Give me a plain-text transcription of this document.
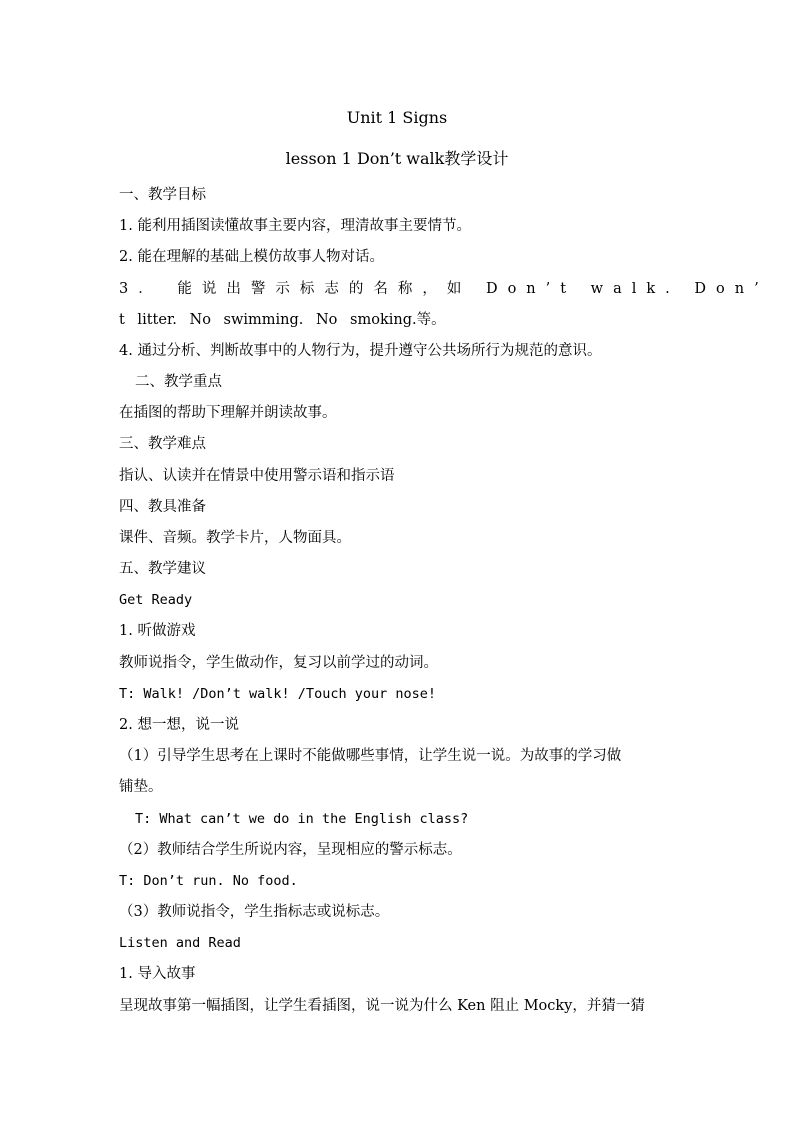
Unit 1 Signs
lesson 1 Don’t walk教学设计
一、教学目标
1. 能利用插图读懂故事主要内容，理清故事主要情节。
2. 能在理解的基础上模仿故事人物对话。
3． 能说出警示标志的名称，如 Don’t walk. Don’
t litter. No swimming. No smoking.等。
4. 通过分析、判断故事中的人物行为，提升遵守公共场所行为规范的意识。
二、教学重点
在插图的帮助下理解并朗读故事。
三、教学难点
指认、认读并在情景中使用警示语和指示语
四、教具准备
课件、音频。教学卡片，人物面具。
五、教学建议
Get Ready
1. 听做游戏
教师说指令，学生做动作，复习以前学过的动词。
T: Walk! /Don’t walk! /Touch your nose!
2. 想一想，说一说
（1）引导学生思考在上课时不能做哪些事情，让学生说一说。为故事的学习做
铺垫。
T: What can’t we do in the English class?
（2）教师结合学生所说内容，呈现相应的警示标志。
T: Don’t run. No food.
（3）教师说指令，学生指标志或说标志。
Listen and Read
1. 导入故事
呈现故事第一幅插图，让学生看插图，说一说为什么 Ken 阻止 Mocky，并猜一猜
